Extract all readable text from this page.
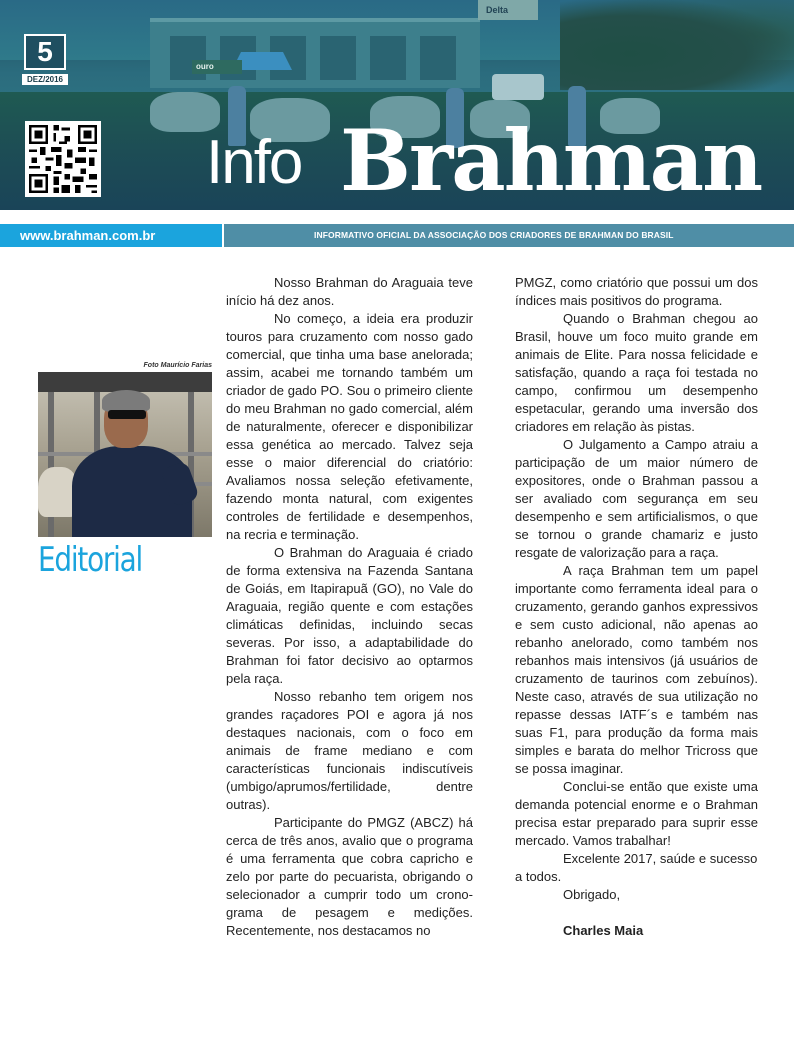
Delta
ouro
5
DEZ/2016
Info Brahman
www.brahman.com.br	INFORMATIVO OFICIAL DA ASSOCIAÇÃO DOS CRIADORES DE BRAHMAN DO BRASIL
Foto Maurício Farias
Editorial

Nosso Brahman do Araguaia teve início há dez anos.

No começo, a ideia era produzir touros para cruzamento com nosso gado comercial, que tinha uma base anelorada; assim, acabei me tornando também um criador de gado PO. Sou o primeiro cliente do meu Brahman no gado comercial, além de naturalmente, oferecer e disponibilizar essa genética ao mercado. Talvez seja esse o maior diferencial do criatório: Avaliamos nossa seleção efetivamente, fazendo monta natural, com exigentes controles de fertilidade e desempenhos, na recria e terminação.

O Brahman do Araguaia é criado de forma extensiva na Fazenda Santana de Goiás, em Itapirapuã (GO), no Vale do Araguaia, região quente e com estações climáticas definidas, incluindo secas severas. Por isso, a adaptabilidade do Brahman foi fator decisivo ao optarmos pela raça.

Nosso rebanho tem origem nos grandes raçadores POI e agora já nos destaques nacionais, com o foco em animais de frame mediano e com características funcionais indiscutíveis (umbigo/aprumos/fertilidade, dentre outras).

Participante do PMGZ (ABCZ) há cerca de três anos, avalio que o programa é uma ferramenta que cobra capricho e zelo por parte do pecuarista, obrigando o selecionador a cumprir todo um crono-grama de pesagem e medições. Recentemente, nos destacamos no

PMGZ, como criatório que possui um dos índices mais positivos do programa.

Quando o Brahman chegou ao Brasil, houve um foco muito grande em animais de Elite. Para nossa felicidade e satisfação, quando a raça foi testada no campo, confirmou um desempenho espetacular, gerando uma inversão dos criadores em relação às pistas.

O Julgamento a Campo atraiu a participação de um maior número de expositores, onde o Brahman passou a ser avaliado com segurança em seu desempenho e sem artificialismos, o que se tornou o grande chamariz e justo resgate de valorização para a raça.

A raça Brahman tem um papel importante como ferramenta ideal para o cruzamento, gerando ganhos expressivos e sem custo adicional, não apenas ao rebanho anelorado, como também nos rebanhos mais intensivos (já usuários de cruzamento de taurinos com zebuínos). Neste caso, através de sua utilização no repasse dessas IATF´s e também nas suas F1, para produção da forma mais simples e barata do melhor Tricross que se possa imaginar.

Conclui-se então que existe uma demanda potencial enorme e o Brahman precisa estar preparado para suprir esse mercado. Vamos trabalhar!

Excelente 2017, saúde e sucesso a todos.

Obrigado,

Charles Maia
